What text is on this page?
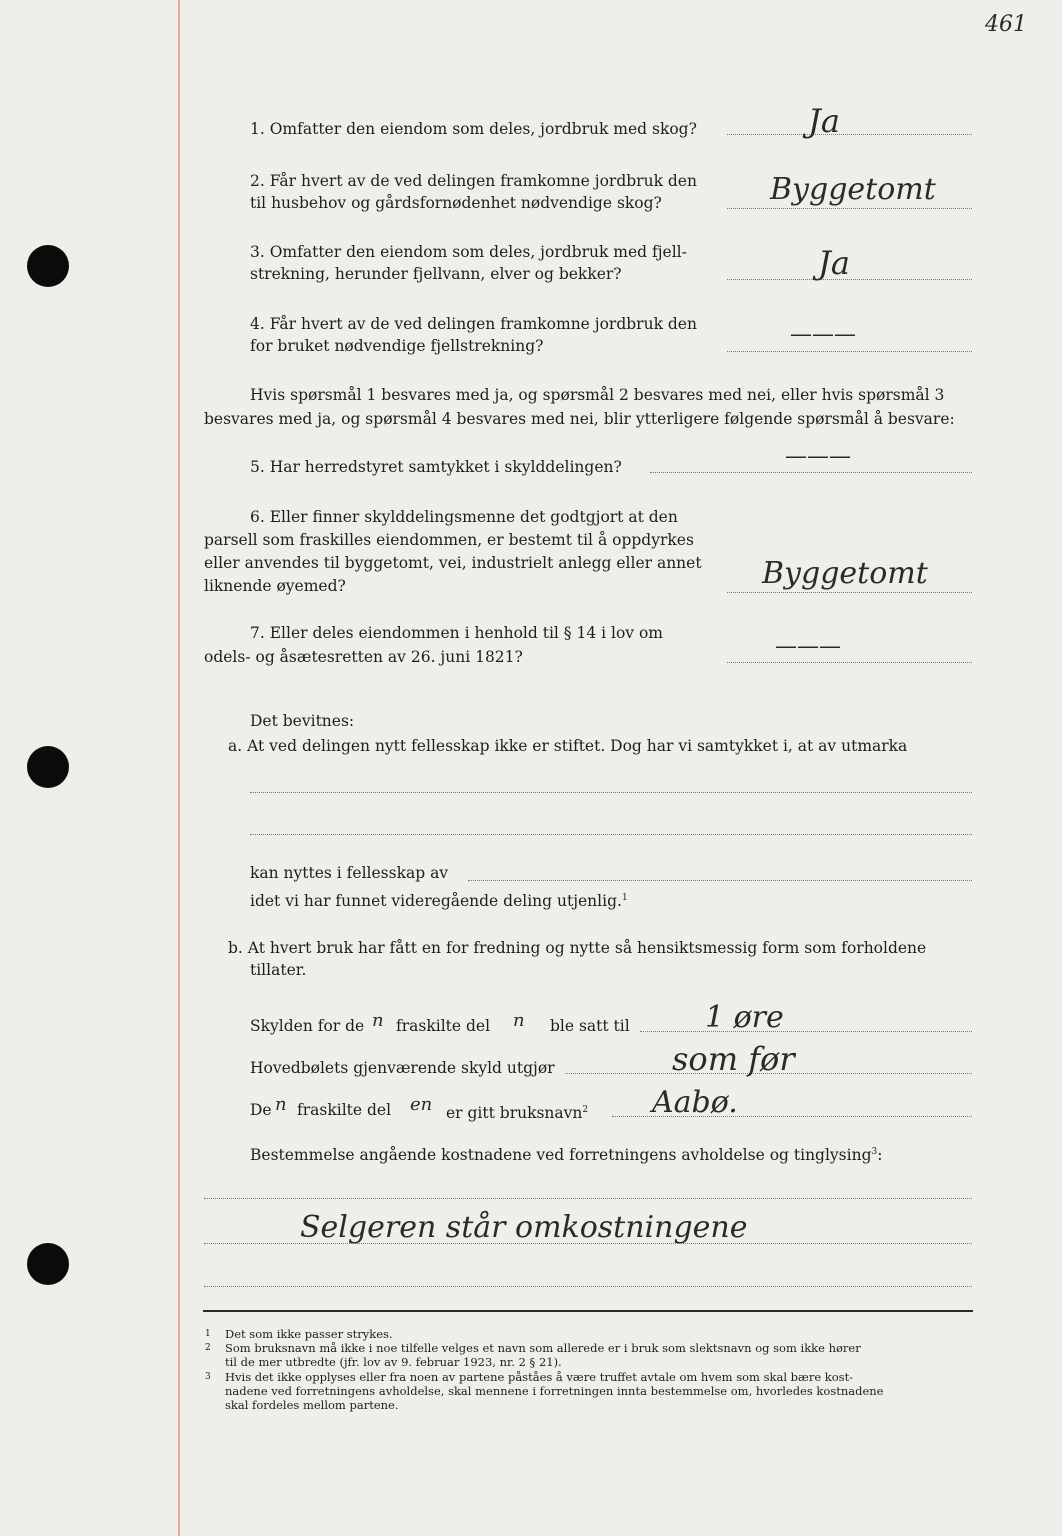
461
1. Omfatter den eiendom som deles, jordbruk med skog?	Ja
2. Får hvert av de ved delingen framkomne jordbruk den
til husbehov og gårdsfornødenhet nødvendige skog?	Byggetomt
3. Omfatter den eiendom som deles, jordbruk med fjell-
strekning, herunder fjellvann, elver og bekker?	Ja
4. Får hvert av de ved delingen framkomne jordbruk den
for bruket nødvendige fjellstrekning?	———
Hvis spørsmål 1 besvares med ja, og spørsmål 2 besvares med nei, eller hvis spørsmål 3
besvares med ja, og spørsmål 4 besvares med nei, blir ytterligere følgende spørsmål å besvare:
5. Har herredstyret samtykket i skylddelingen?	———
6. Eller finner skylddelingsmenne det godtgjort at den
parsell som fraskilles eiendommen, er bestemt til å oppdyrkes
eller anvendes til byggetomt, vei, industrielt anlegg eller annet
liknende øyemed?	Byggetomt
7. Eller deles eiendommen i henhold til § 14 i lov om
odels- og åsætesretten av 26. juni 1821?	———
Det bevitnes:
a. At ved delingen nytt fellesskap ikke er stiftet. Dog har vi samtykket i, at av utmarka
kan nyttes i fellesskap av
idet vi har funnet videregående deling utjenlig.$^1$
b. At hvert bruk har fått en for fredning og nytte så hensiktsmessig form som forholdene
tillater.
Skylden for de n fraskilte del n ble satt til	1 øre
Hovedbølets gjenværende skyld utgjør	som før
De n fraskilte del en er gitt bruksnavn$^2$ Aabø.
Bestemmelse angående kostnadene ved forretningens avholdelse og tinglysing$^3$:
Selgeren står omkostningene
$^1$ Det som ikke passer strykes.
$^2$ Som bruksnavn må ikke i noe tilfelle velges et navn som allerede er i bruk som slektsnavn og som ikke hører
til de mer utbredte (jfr. lov av 9. februar 1923, nr. 2 § 21).
$^3$ Hvis det ikke opplyses eller fra noen av partene påståes å være truffet avtale om hvem som skal bære kost-
nadene ved forretningens avholdelse, skal mennene i forretningen innta bestemmelse om, hvorledes kostnadene
skal fordeles mellom partene.
